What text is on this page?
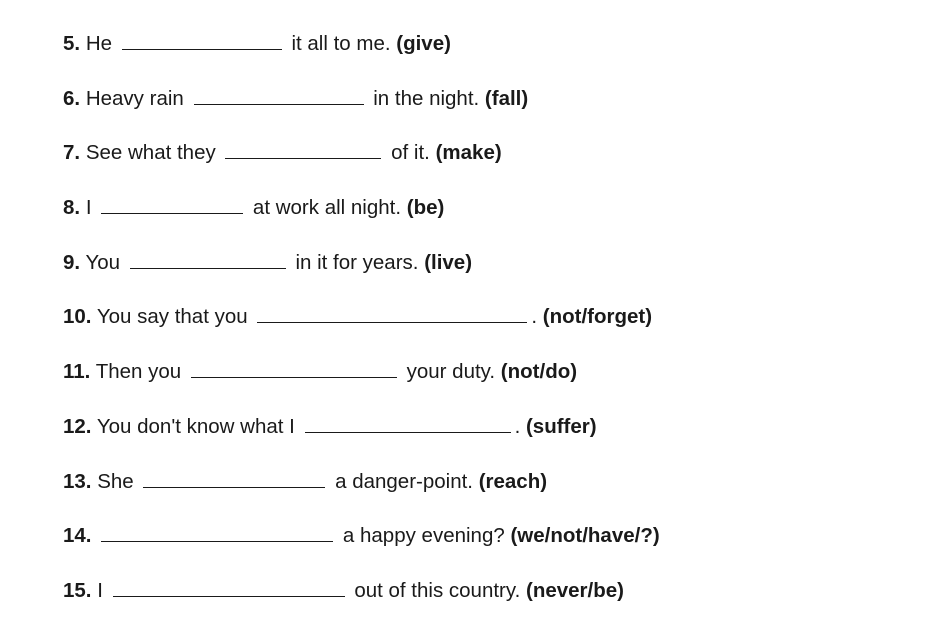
5. He	it all to me. (give)
6. Heavy rain	in the night. (fall)
7. See what they	of it. (make)
8. I	at work all night. (be)
9. You	in it for years. (live)
10. You say that you	. (not/forget)
11. Then you	your duty. (not/do)
12. You don't know what I	. (suffer)
13. She	a danger-point. (reach)
14.	a happy evening? (we/not/have/?)
15. I	out of this country. (never/be)
